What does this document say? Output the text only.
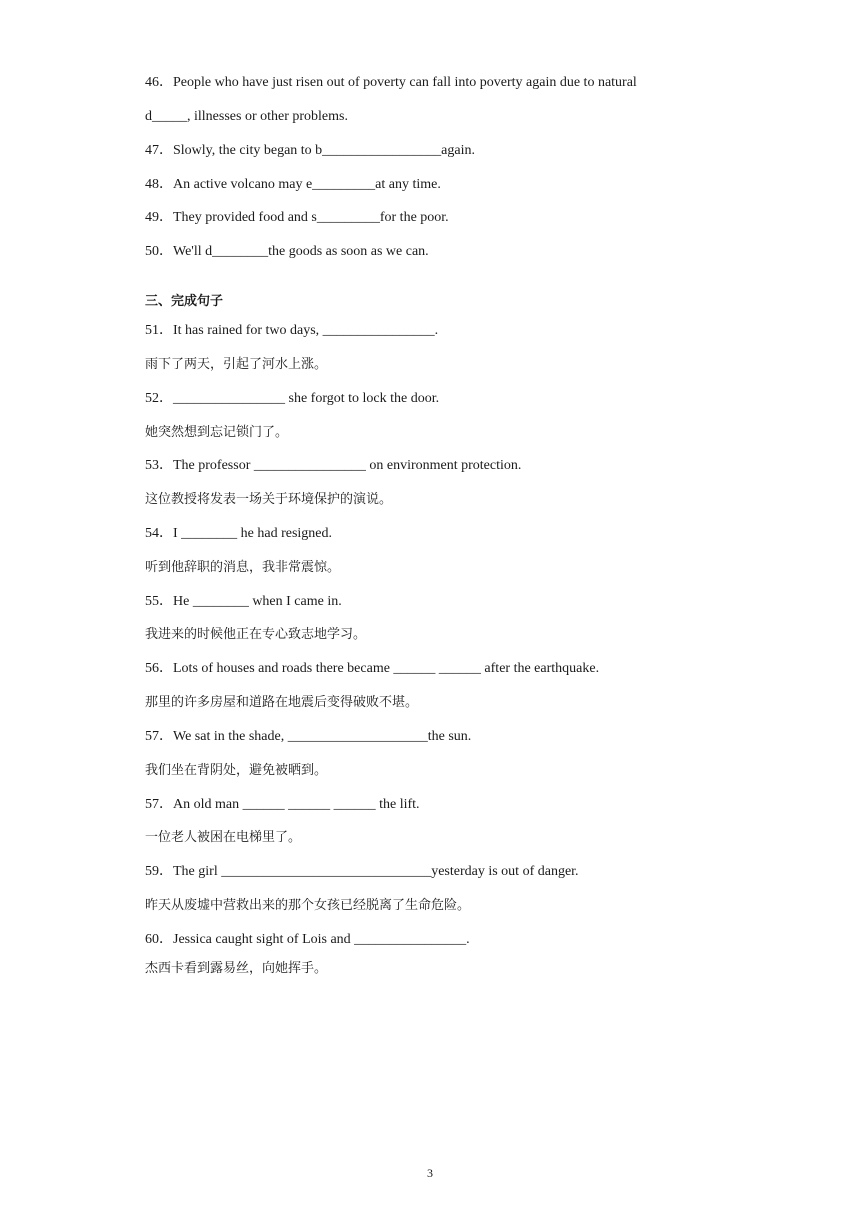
46．People who have just risen out of poverty can fall into poverty again due to natural
d_____, illnesses or other problems.
47．Slowly, the city began to b_________________again.
48．An active volcano may e_________at any time.
49．They provided food and s_________for the poor.
50．We'll d________the goods as soon as we can.
三、完成句子
51．It has rained for two days, ________________.
雨下了两天，引起了河水上涨。
52．________________ she forgot to lock the door.
她突然想到忘记锁门了。
53．The professor ________________ on environment protection.
这位教授将发表一场关于环境保护的演说。
54．I ________ he had resigned.
听到他辞职的消息，我非常震惊。
55．He ________ when I came in.
我进来的时候他正在专心致志地学习。
56．Lots of houses and roads there became ______ ______ after the earthquake.
那里的许多房屋和道路在地震后变得破败不堪。
57．We sat in the shade, ____________________the sun.
我们坐在背阴处，避免被晒到。
57．An old man ______ ______ ______ the lift.
一位老人被困在电梯里了。
59．The girl ______________________________yesterday is out of danger.
昨天从废墟中营救出来的那个女孩已经脱离了生命危险。
60．Jessica caught sight of Lois and ________________.
杰西卡看到露易丝，向她挥手。
3
